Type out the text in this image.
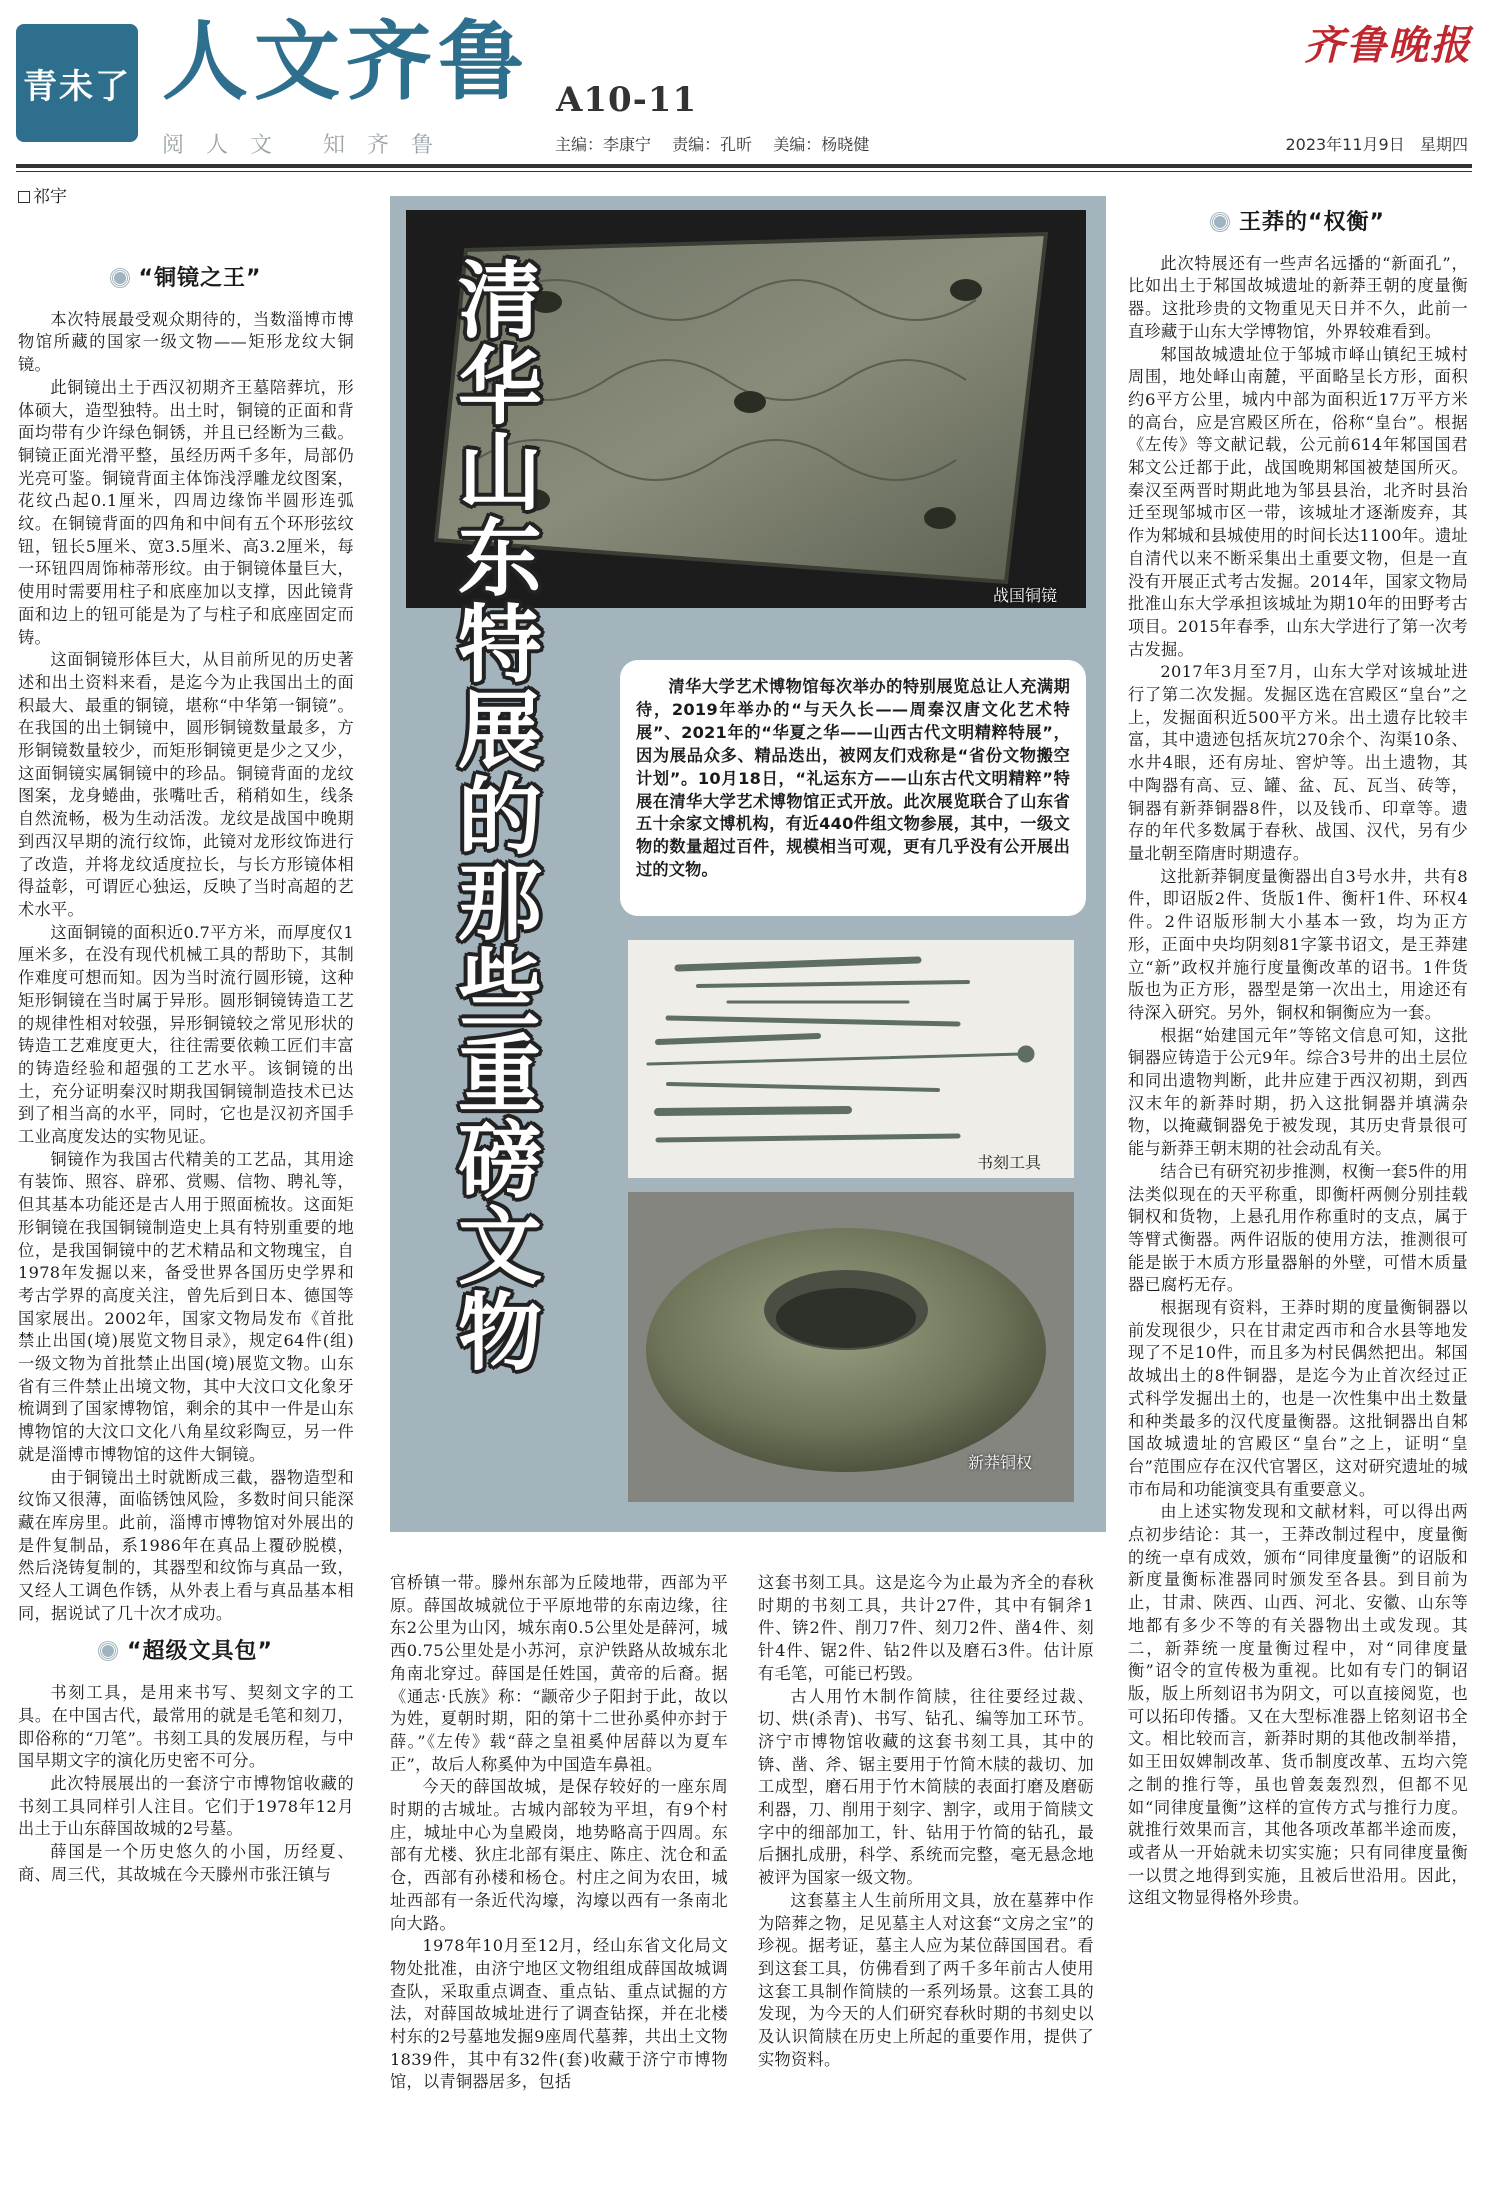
青未了 人文齐鲁 A10-11
齐鲁晚报
阅人文 知齐鲁	主编：李康宁 责编：孔昕 美编：杨晓健	2023年11月9日 星期四
祁宇
“铜镜之王”

本次特展最受观众期待的，当数淄博市博物馆所藏的国家一级文物——矩形龙纹大铜镜。

此铜镜出土于西汉初期齐王墓陪葬坑，形体硕大，造型独特。出土时，铜镜的正面和背面均带有少许绿色铜锈，并且已经断为三截。铜镜正面光滑平整，虽经历两千多年，局部仍光亮可鉴。铜镜背面主体饰浅浮雕龙纹图案，花纹凸起0.1厘米，四周边缘饰半圆形连弧纹。在铜镜背面的四角和中间有五个环形弦纹钮，钮长5厘米、宽3.5厘米、高3.2厘米，每一环钮四周饰柿蒂形纹。由于铜镜体量巨大，使用时需要用柱子和底座加以支撑，因此镜背面和边上的钮可能是为了与柱子和底座固定而铸。

这面铜镜形体巨大，从目前所见的历史著述和出土资料来看，是迄今为止我国出土的面积最大、最重的铜镜，堪称“中华第一铜镜”。在我国的出土铜镜中，圆形铜镜数量最多，方形铜镜数量较少，而矩形铜镜更是少之又少，这面铜镜实属铜镜中的珍品。铜镜背面的龙纹图案，龙身蜷曲，张嘴吐舌，稍稍如生，线条自然流畅，极为生动活泼。龙纹是战国中晚期到西汉早期的流行纹饰，此镜对龙形纹饰进行了改造，并将龙纹适度拉长，与长方形镜体相得益彰，可谓匠心独运，反映了当时高超的艺术水平。

这面铜镜的面积近0.7平方米，而厚度仅1厘米多，在没有现代机械工具的帮助下，其制作难度可想而知。因为当时流行圆形镜，这种矩形铜镜在当时属于异形。圆形铜镜铸造工艺的规律性相对较强，异形铜镜较之常见形状的铸造工艺难度更大，往往需要依赖工匠们丰富的铸造经验和超强的工艺水平。该铜镜的出土，充分证明秦汉时期我国铜镜制造技术已达到了相当高的水平，同时，它也是汉初齐国手工业高度发达的实物见证。

铜镜作为我国古代精美的工艺品，其用途有装饰、照容、辟邪、赏赐、信物、聘礼等，但其基本功能还是古人用于照面梳妆。这面矩形铜镜在我国铜镜制造史上具有特别重要的地位，是我国铜镜中的艺术精品和文物瑰宝，自1978年发掘以来，备受世界各国历史学界和考古学界的高度关注，曾先后到日本、德国等国家展出。2002年，国家文物局发布《首批禁止出国(境)展览文物目录》，规定64件(组)一级文物为首批禁止出国(境)展览文物。山东省有三件禁止出境文物，其中大汶口文化象牙梳调到了国家博物馆，剩余的其中一件是山东博物馆的大汶口文化八角星纹彩陶豆，另一件就是淄博市博物馆的这件大铜镜。

由于铜镜出土时就断成三截，器物造型和纹饰又很薄，面临锈蚀风险，多数时间只能深藏在库房里。此前，淄博市博物馆对外展出的是件复制品，系1986年在真品上覆砂脱模，然后浇铸复制的，其器型和纹饰与真品一致，又经人工调色作锈，从外表上看与真品基本相同，据说试了几十次才成功。

“超级文具包”

书刻工具，是用来书写、契刻文字的工具。在中国古代，最常用的就是毛笔和刻刀，即俗称的“刀笔”。书刻工具的发展历程，与中国早期文字的演化历史密不可分。

此次特展展出的一套济宁市博物馆收藏的书刻工具同样引人注目。它们于1978年12月出土于山东薛国故城的2号墓。

薛国是一个历史悠久的小国，历经夏、商、周三代，其故城在今天滕州市张汪镇与

战国铜镜
清
华
山
东
特
展
的
那
些
重
磅
文
物
清华大学艺术博物馆每次举办的特别展览总让人充满期待，2019年举办的“与天久长——周秦汉唐文化艺术特展”、2021年的“华夏之华——山西古代文明精粹特展”，因为展品众多、精品迭出，被网友们戏称是“省份文物搬空计划”。10月18日，“礼运东方——山东古代文明精粹”特展在清华大学艺术博物馆正式开放。此次展览联合了山东省五十余家文博机构，有近440件组文物参展，其中，一级文物的数量超过百件，规模相当可观，更有几乎没有公开展出过的文物。
书刻工具
新莽铜权

官桥镇一带。滕州东部为丘陵地带，西部为平原。薛国故城就位于平原地带的东南边缘，往东2公里为山冈，城东南0.5公里处是薛河，城西0.75公里处是小苏河，京沪铁路从故城东北角南北穿过。薛国是任姓国，黄帝的后裔。据《通志·氏族》称：“颛帝少子阳封于此，故以为姓，夏朝时期，阳的第十二世孙奚仲亦封于薛。”《左传》载“薛之皇祖奚仲居薛以为夏车正”，故后人称奚仲为中国造车鼻祖。

今天的薛国故城，是保存较好的一座东周时期的古城址。古城内部较为平坦，有9个村庄，城址中心为皇殿岗，地势略高于四周。东部有尤楼、狄庄北部有渠庄、陈庄、沈仓和孟仓，西部有孙楼和杨仓。村庄之间为农田，城址西部有一条近代沟壕，沟壕以西有一条南北向大路。

1978年10月至12月，经山东省文化局文物处批准，由济宁地区文物组组成薛国故城调查队，采取重点调查、重点钻、重点试掘的方法，对薛国故城址进行了调查钻探，并在北楼村东的2号墓地发掘9座周代墓葬，共出土文物1839件，其中有32件(套)收藏于济宁市博物馆，以青铜器居多，包括

这套书刻工具。这是迄今为止最为齐全的春秋时期的书刻工具，共计27件，其中有铜斧1件、锛2件、削刀7件、刻刀2件、凿4件、刻针4件、锯2件、钻2件以及磨石3件。估计原有毛笔，可能已朽毁。

古人用竹木制作简牍，往往要经过裁、切、烘(杀青)、书写、钻孔、编等加工环节。济宁市博物馆收藏的这套书刻工具，其中的锛、凿、斧、锯主要用于竹简木牍的裁切、加工成型，磨石用于竹木简牍的表面打磨及磨砺利器，刀、削用于刻字、割字，或用于简牍文字中的细部加工，针、钻用于竹简的钻孔，最后捆扎成册，科学、系统而完整，毫无悬念地被评为国家一级文物。

这套墓主人生前所用文具，放在墓葬中作为陪葬之物，足见墓主人对这套“文房之宝”的珍视。据考证，墓主人应为某位薛国国君。看到这套工具，仿佛看到了两千多年前古人使用这套工具制作简牍的一系列场景。这套工具的发现，为今天的人们研究春秋时期的书刻史以及认识简牍在历史上所起的重要作用，提供了实物资料。

王莽的“权衡”

此次特展还有一些声名远播的“新面孔”，比如出土于邾国故城遗址的新莽王朝的度量衡器。这批珍贵的文物重见天日并不久，此前一直珍藏于山东大学博物馆，外界较难看到。

邾国故城遗址位于邹城市峄山镇纪王城村周围，地处峄山南麓，平面略呈长方形，面积约6平方公里，城内中部为面积近17万平方米的高台，应是宫殿区所在，俗称“皇台”。根据《左传》等文献记载，公元前614年邾国国君邾文公迁都于此，战国晚期邾国被楚国所灭。秦汉至两晋时期此地为邹县县治，北齐时县治迁至现邹城市区一带，该城址才逐渐废弃，其作为邾城和县城使用的时间长达1100年。遗址自清代以来不断采集出土重要文物，但是一直没有开展正式考古发掘。2014年，国家文物局批准山东大学承担该城址为期10年的田野考古项目。2015年春季，山东大学进行了第一次考古发掘。

2017年3月至7月，山东大学对该城址进行了第二次发掘。发掘区选在宫殿区“皇台”之上，发掘面积近500平方米。出土遗存比较丰富，其中遗迹包括灰坑270余个、沟渠10条、水井4眼，还有房址、窖炉等。出土遗物，其中陶器有高、豆、罐、盆、瓦、瓦当、砖等，铜器有新莽铜器8件，以及钱币、印章等。遗存的年代多数属于春秋、战国、汉代，另有少量北朝至隋唐时期遗存。

这批新莽铜度量衡器出自3号水井，共有8件，即诏版2件、货版1件、衡杆1件、环权4件。2件诏版形制大小基本一致，均为正方形，正面中央均阴刻81字篆书诏文，是王莽建立“新”政权并施行度量衡改革的诏书。1件货版也为正方形，器型是第一次出土，用途还有待深入研究。另外，铜权和铜衡应为一套。

根据“始建国元年”等铭文信息可知，这批铜器应铸造于公元9年。综合3号井的出土层位和同出遗物判断，此井应建于西汉初期，到西汉末年的新莽时期，扔入这批铜器并填满杂物，以掩藏铜器免于被发现，其历史背景很可能与新莽王朝末期的社会动乱有关。

结合已有研究初步推测，权衡一套5件的用法类似现在的天平称重，即衡杆两侧分别挂载铜权和货物，上悬孔用作称重时的支点，属于等臂式衡器。两件诏版的使用方法，推测很可能是嵌于木质方形量器斛的外壁，可惜木质量器已腐朽无存。

根据现有资料，王莽时期的度量衡铜器以前发现很少，只在甘肃定西市和合水县等地发现了不足10件，而且多为村民偶然把出。邾国故城出土的8件铜器，是迄今为止首次经过正式科学发掘出土的，也是一次性集中出土数量和种类最多的汉代度量衡器。这批铜器出自邾国故城遗址的宫殿区“皇台”之上，证明“皇台”范围应存在汉代官署区，这对研究遗址的城市布局和功能演变具有重要意义。

由上述实物发现和文献材料，可以得出两点初步结论：其一，王莽改制过程中，度量衡的统一卓有成效，颁布“同律度量衡”的诏版和新度量衡标准器同时颁发至各县。到目前为止，甘肃、陕西、山西、河北、安徽、山东等地都有多少不等的有关器物出土或发现。其二，新莽统一度量衡过程中，对“同律度量衡”诏令的宣传极为重视。比如有专门的铜诏版，版上所刻诏书为阴文，可以直接阅览，也可以拓印传播。又在大型标准器上铭刻诏书全文。相比较而言，新莽时期的其他改制举措，如王田奴婢制改革、货币制度改革、五均六筦之制的推行等，虽也曾轰轰烈烈，但都不见如“同律度量衡”这样的宣传方式与推行力度。就推行效果而言，其他各项改革都半途而废，或者从一开始就未切实实施；只有同律度量衡一以贯之地得到实施，且被后世沿用。因此，这组文物显得格外珍贵。
